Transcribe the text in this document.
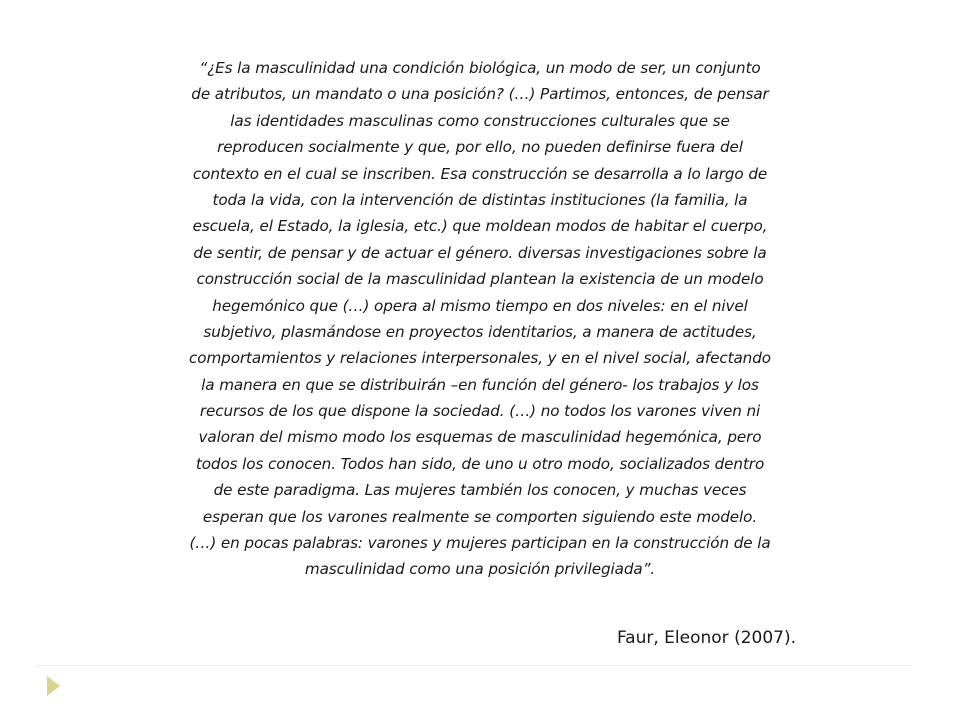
“¿Es la masculinidad una condición biológica, un modo de ser, un conjunto
de atributos, un mandato o una posición? (…) Partimos, entonces, de pensar
las identidades masculinas como construcciones culturales que se
reproducen socialmente y que, por ello, no pueden definirse fuera del
contexto en el cual se inscriben. Esa construcción se desarrolla a lo largo de
toda la vida, con la intervención de distintas instituciones (la familia, la
escuela, el Estado, la iglesia, etc.) que moldean modos de habitar el cuerpo,
de sentir, de pensar y de actuar el género. diversas investigaciones sobre la
construcción social de la masculinidad plantean la existencia de un modelo
hegemónico que (…) opera al mismo tiempo en dos niveles: en el nivel
subjetivo, plasmándose en proyectos identitarios, a manera de actitudes,
comportamientos y relaciones interpersonales, y en el nivel social, afectando
la manera en que se distribuirán –en función del género- los trabajos y los
recursos de los que dispone la sociedad. (…) no todos los varones viven ni
valoran del mismo modo los esquemas de masculinidad hegemónica, pero
todos los conocen. Todos han sido, de uno u otro modo, socializados dentro
de este paradigma. Las mujeres también los conocen, y muchas veces
esperan que los varones realmente se comporten siguiendo este modelo.
(…) en pocas palabras: varones y mujeres participan en la construcción de la
masculinidad como una posición privilegiada”.
Faur, Eleonor (2007).
